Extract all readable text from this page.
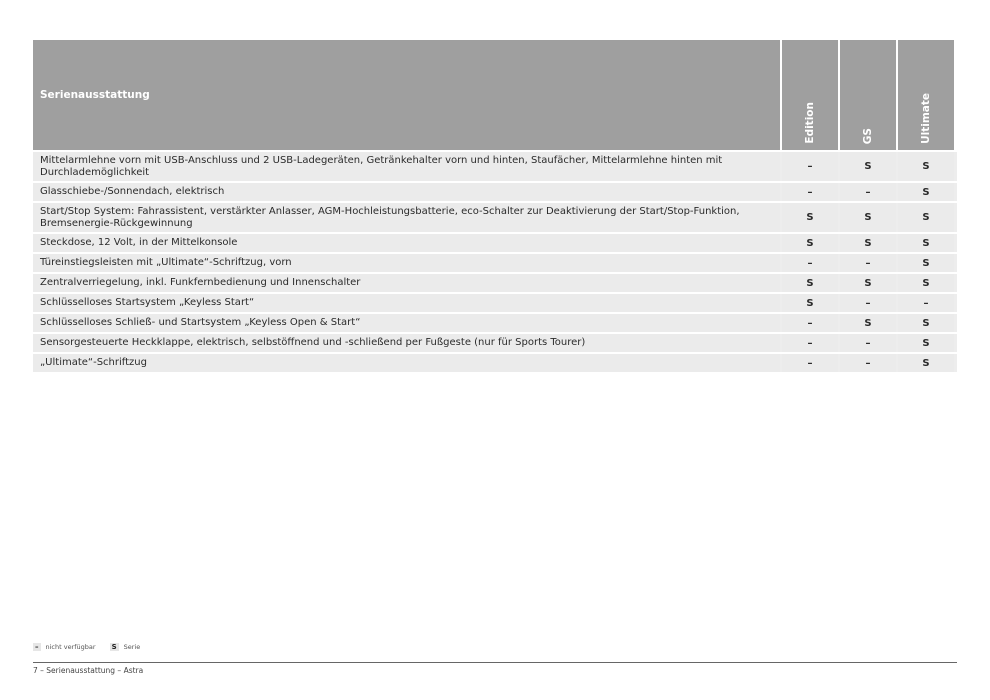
Serienausstattung
Edition	GS	Ultimate
Mittelarmlehne vorn mit USB-Anschluss und 2 USB-Ladegeräten, Getränkehalter vorn und hinten, Staufächer, Mittelarmlehne hinten mit Durchlademöglichkeit	–	S	S
Glasschiebe-/Sonnendach, elektrisch	–	–	S
Start/Stop System: Fahrassistent, verstärkter Anlasser, AGM-Hochleistungsbatterie, eco-Schalter zur Deaktivierung der Start/Stop-Funktion, Bremsenergie-Rückgewinnung	S	S	S
Steckdose, 12 Volt, in der Mittelkonsole	S	S	S
Türeinstiegsleisten mit „Ultimate“-Schriftzug, vorn	–	–	S
Zentralverriegelung, inkl. Funkfernbedienung und Innenschalter	S	S	S
Schlüsselloses Startsystem „Keyless Start“	S	–	–
Schlüsselloses Schließ- und Startsystem „Keyless Open & Start“	–	S	S
Sensorgesteuerte Heckklappe, elektrisch, selbstöffnend und -schließend per Fußgeste (nur für Sports Tourer)	–	–	S
„Ultimate“-Schriftzug	–	–	S
–	nicht verfügbar S	Serie
7 – Serienausstattung – Astra
